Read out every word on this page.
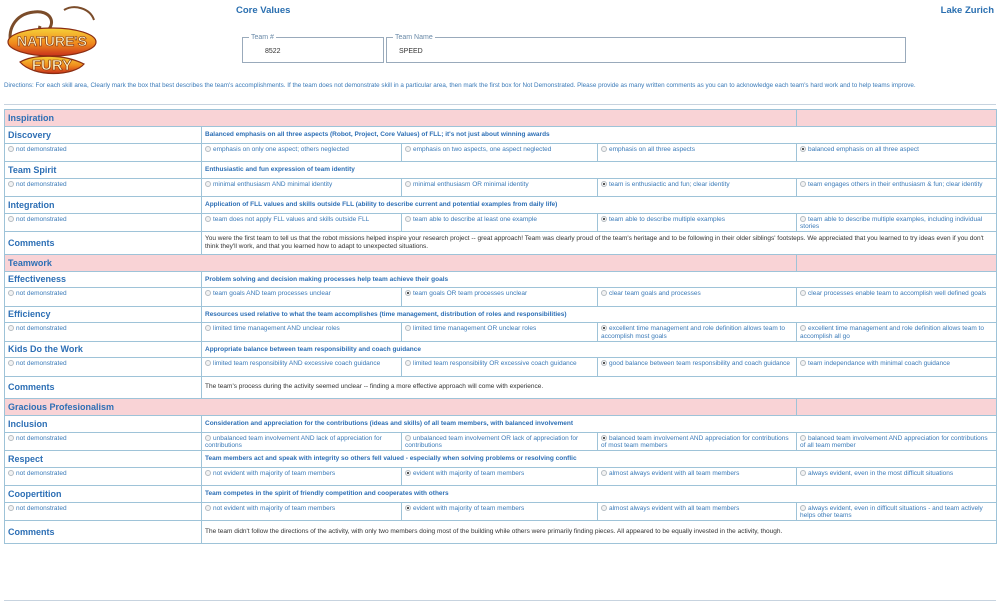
NATURE'S
FURY
Core Values	Lake Zurich
Team #
8522
Team Name
SPEED
Directions: For each skill area, Clearly mark the box that best describes the team's accomplishments. If the team does not demonstrate skill in a particular area, then mark the first box for Not Demonstrated. Please provide as many written comments as you can to acknowledge each team's hard work and to help teams improve.
Inspiration				
Discovery	Balanced emphasis on all three aspects (Robot, Project, Core Values) of FLL; it's not just about winning awards			
not demonstrated	emphasis on only one aspect; others neglected	emphasis on two aspects, one aspect neglected	emphasis on all three aspects	balanced emphasis on all three aspect
Team Spirit	Enthusiastic and fun expression of team identity			
not demonstrated	minimal enthusiasm AND minimal identity	minimal enthusiasm OR minimal identity	team is enthusiactic and fun; clear identity	team engages others in their enthusiasm & fun; clear identity
Integration	Application of FLL values and skills outside FLL (ability to describe current and potential examples from daily life)			
not demonstrated	team does not apply FLL values and skills outside FLL	team able to describe at least one example	team able to describe multiple examples	team able to describe multiple examples, including individual stories
Comments	You were the first team to tell us that the robot missions helped inspire your research project -- great approach! Team was clearly proud of the team's heritage and to be following in their older siblings' footsteps. We appreciated that you learned to try ideas even if you don't think they'll work, and that you learned how to adapt to unexpected situations.			
Teamwork				
Effectiveness	Problem solving and decision making processes help team achieve their goals			
not demonstrated	team goals AND team processes unclear	team goals OR team processes unclear	clear team goals and processes	clear processes enable team to accomplish well defined goals
Efficiency	Resources used relative to what the team accomplishes (time management, distribution of roles and responsibilities)			
not demonstrated	limited time management AND unclear roles	limited time management OR unclear roles	excellent time management and role definition allows team to accomplish most goals	excellent time management and role definition allows team to accomplish all go
Kids Do the Work	Appropriate balance between team responsibility and coach guidance			
not demonstrated	limited team responsibility AND excessive coach guidance	limited team responsibility OR excessive coach guidance	good balance between team responsibility and coach guidance	team independance with minimal coach guidance
Comments	The team's process during the activity seemed unclear -- finding a more effective approach will come with experience.			
Gracious Profesionalism				
Inclusion	Consideration and appreciation for the contributions (ideas and skills) of all team members, with balanced involvement			
not demonstrated	unbalanced team involvement AND lack of appreciation for contributions	unbalanced team involvement OR lack of appreciation for contributions	balanced team involvement AND appreciation for contributions of most team members	balanced team involvement AND appreciation for contributions of all team member
Respect	Team members act and speak with integrity so others fell valued - especially when solving problems or resolving conflic			
not demonstrated	not evident with majority of team members	evident with majority of team members	almost always evident with all team members	always evident, even in the most difficult situations
Coopertition	Team competes in the spirit of friendly competition and cooperates with others			
not demonstrated	not evident with majority of team members	evident with majority of team members	almost always evident with all team members	always evident, even in difficult situations - and team actively helps other teams
Comments	The team didn't follow the directions of the activity, with only two members doing most of the building while others were primarily finding pieces. All appeared to be equally invested in the activity, though.			
